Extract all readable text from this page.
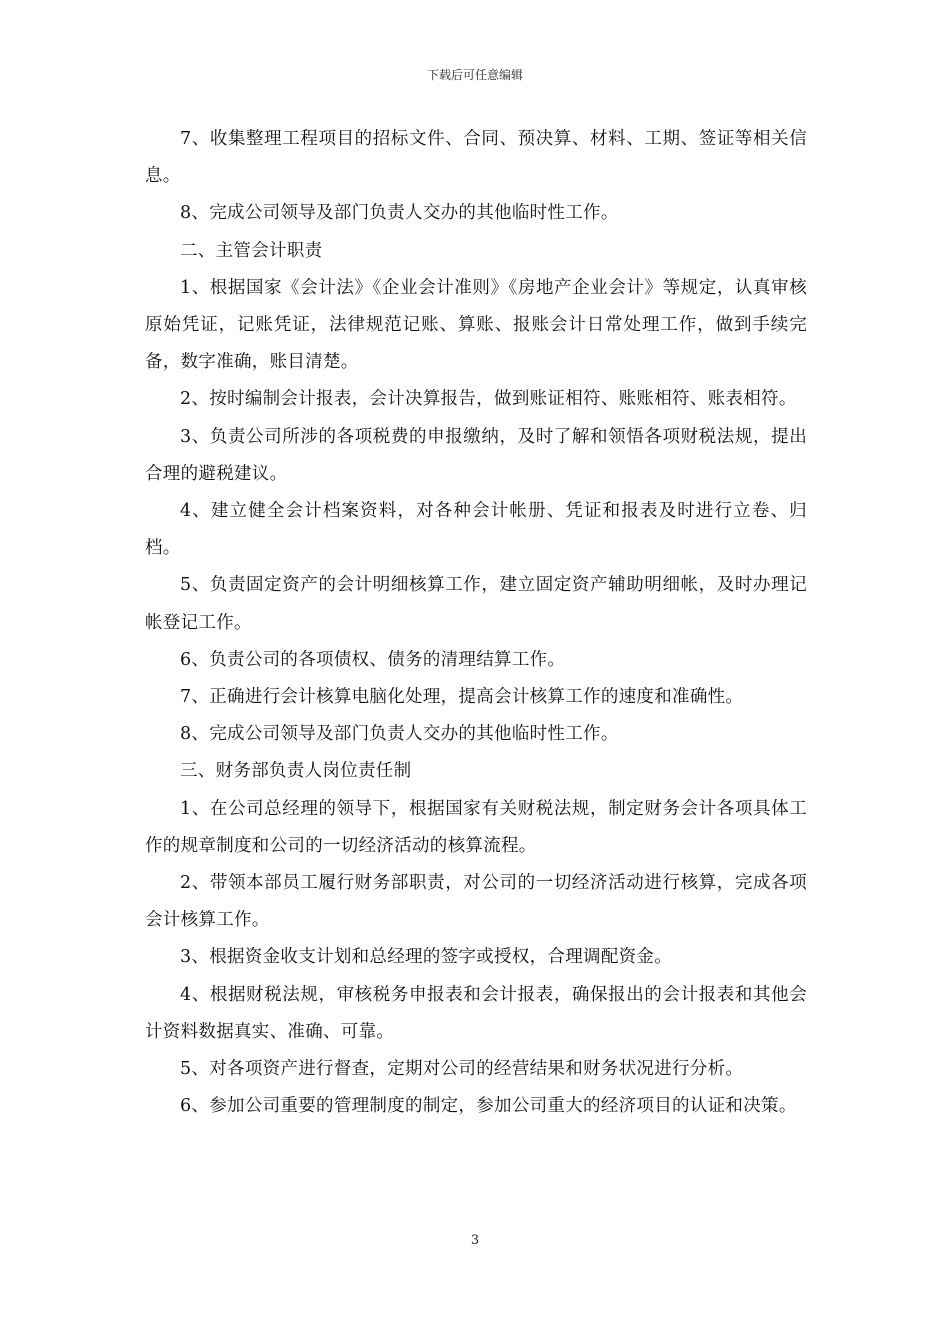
下载后可任意编辑

7、收集整理工程项目的招标文件、合同、预决算、材料、工期、签证等相关信息。

8、完成公司领导及部门负责人交办的其他临时性工作。

二、主管会计职责

1、根据国家《会计法》《企业会计准则》《房地产企业会计》等规定，认真审核原始凭证，记账凭证，法律规范记账、算账、报账会计日常处理工作，做到手续完备，数字准确，账目清楚。

2、按时编制会计报表，会计决算报告，做到账证相符、账账相符、账表相符。

3、负责公司所涉的各项税费的申报缴纳，及时了解和领悟各项财税法规，提出合理的避税建议。

4、建立健全会计档案资料，对各种会计帐册、凭证和报表及时进行立卷、归档。

5、负责固定资产的会计明细核算工作，建立固定资产辅助明细帐，及时办理记帐登记工作。

6、负责公司的各项债权、债务的清理结算工作。

7、正确进行会计核算电脑化处理，提高会计核算工作的速度和准确性。

8、完成公司领导及部门负责人交办的其他临时性工作。

三、财务部负责人岗位责任制

1、在公司总经理的领导下，根据国家有关财税法规，制定财务会计各项具体工作的规章制度和公司的一切经济活动的核算流程。

2、带领本部员工履行财务部职责，对公司的一切经济活动进行核算，完成各项会计核算工作。

3、根据资金收支计划和总经理的签字或授权，合理调配资金。

4、根据财税法规，审核税务申报表和会计报表，确保报出的会计报表和其他会计资料数据真实、准确、可靠。

5、对各项资产进行督查，定期对公司的经营结果和财务状况进行分析。

6、参加公司重要的管理制度的制定，参加公司重大的经济项目的认证和决策。

3
